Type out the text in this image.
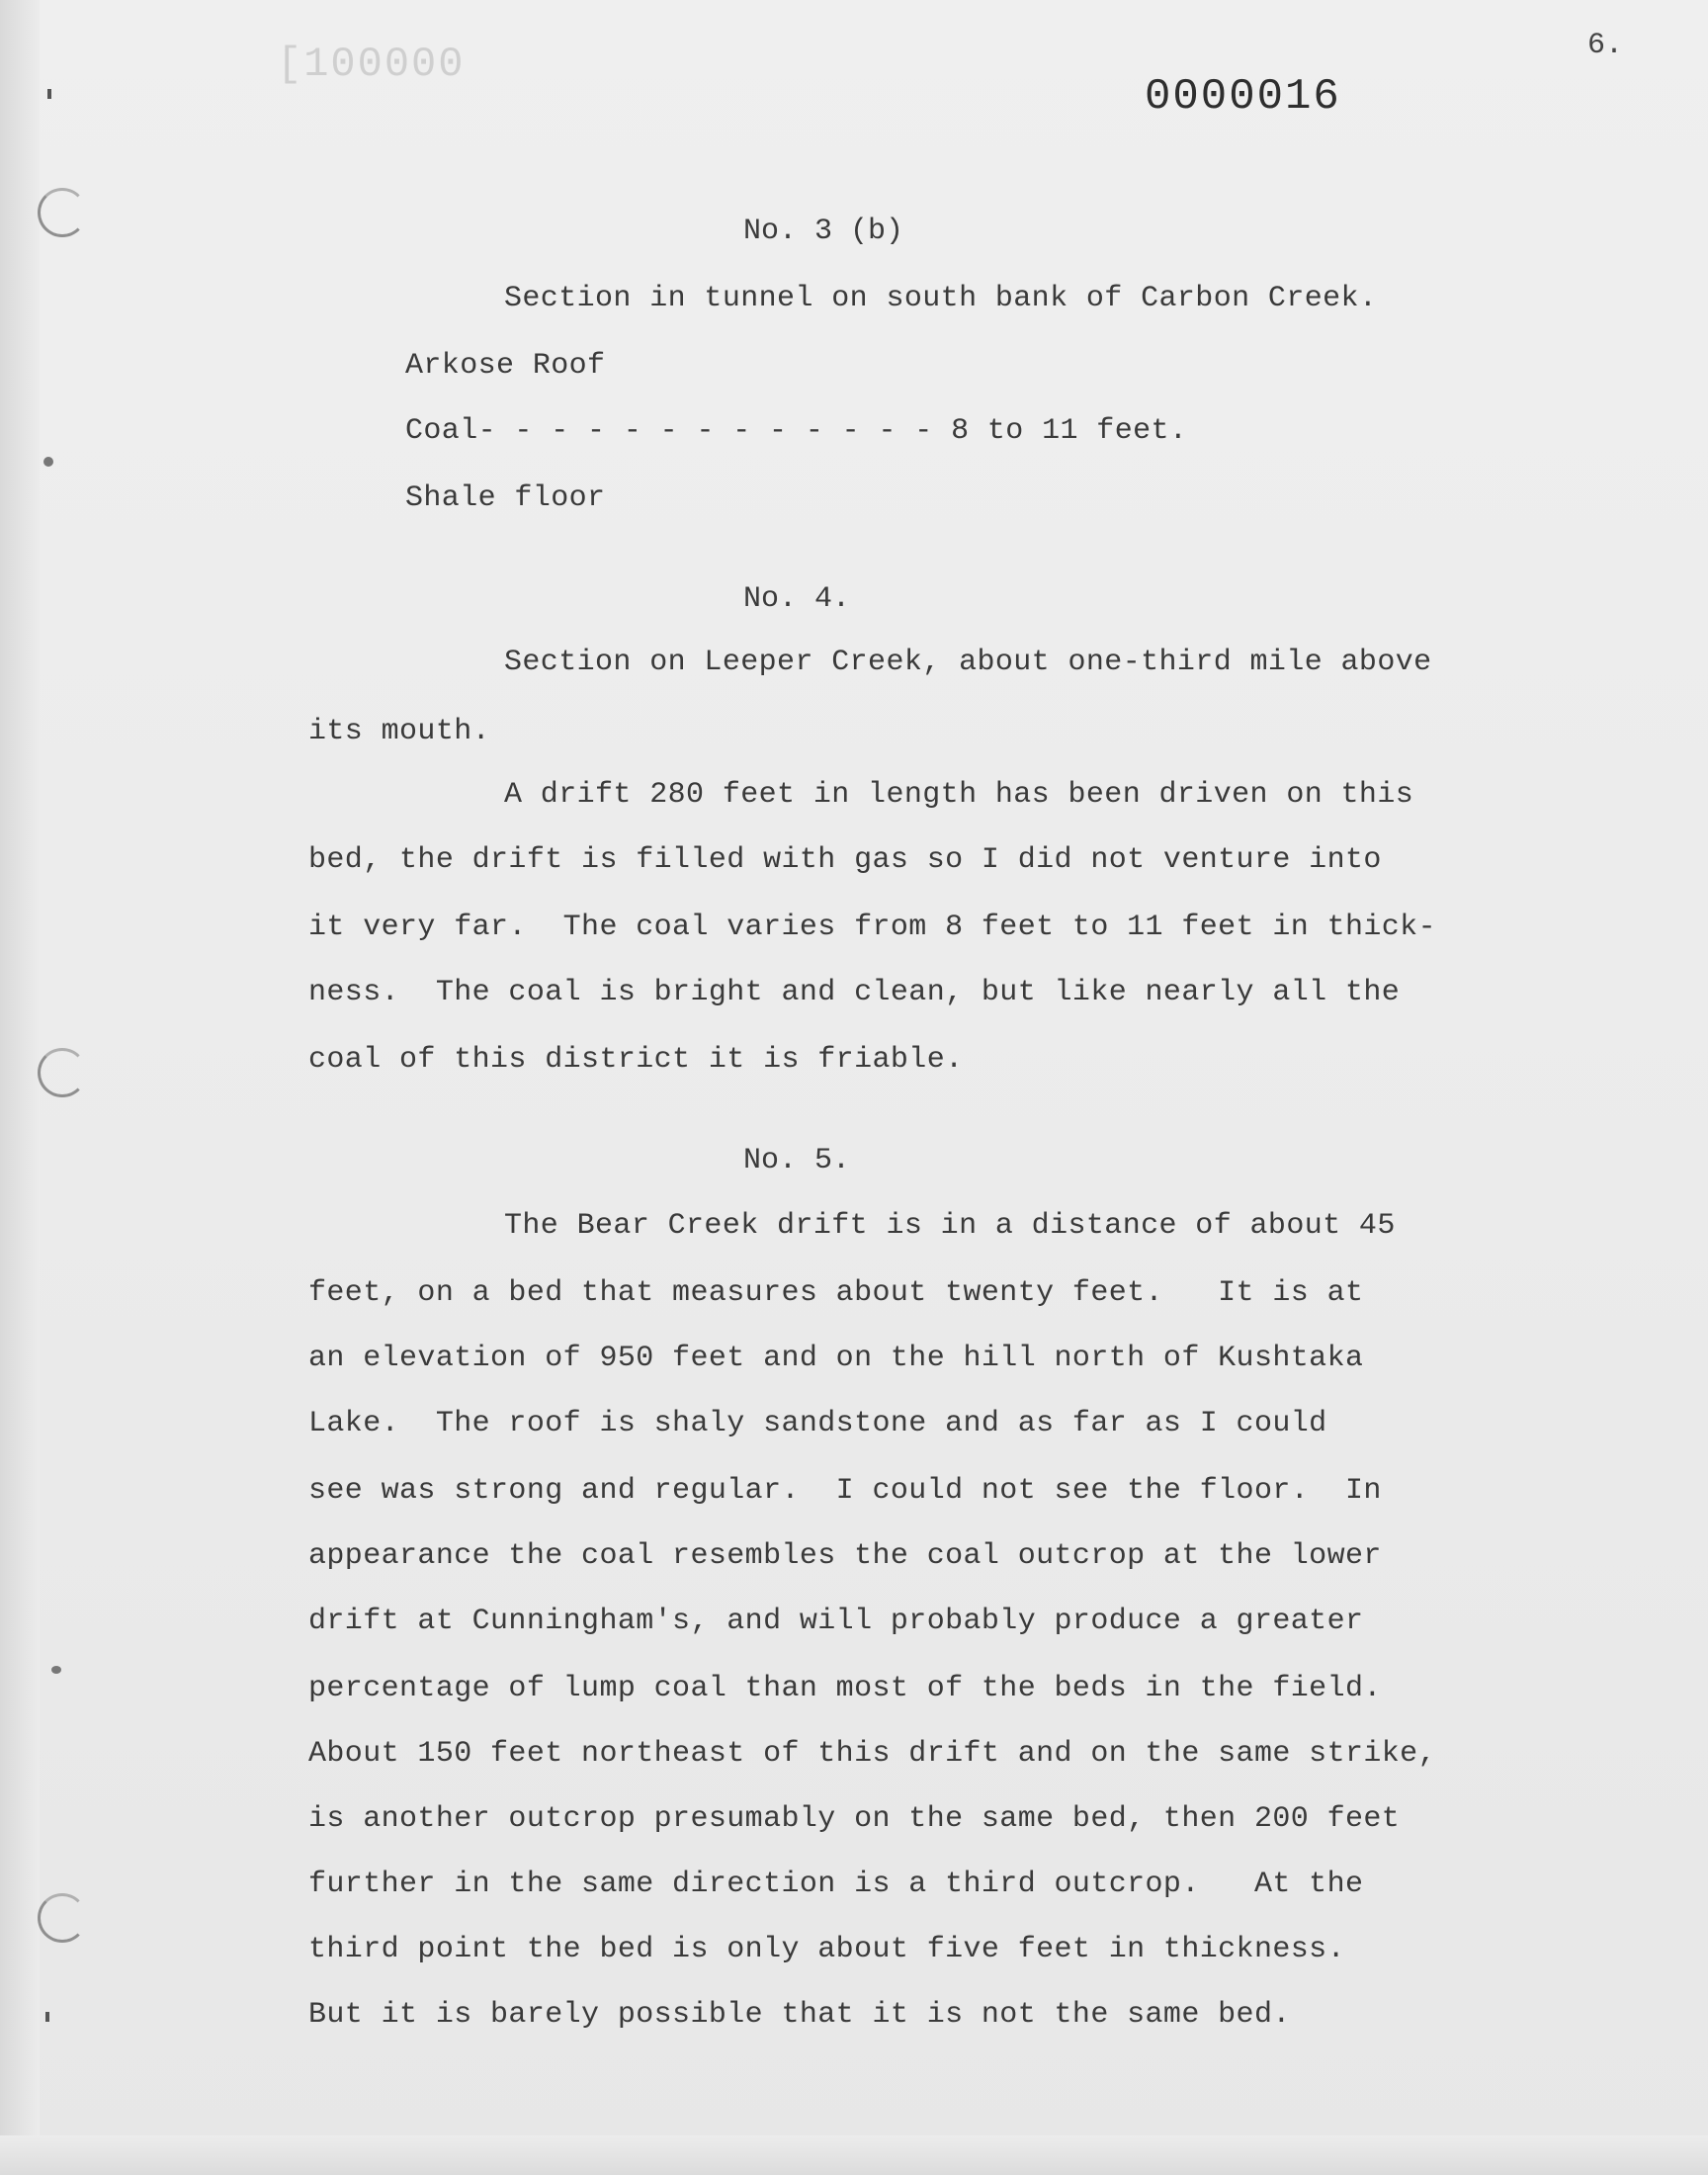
[100000	6.
0000016
No. 3 (b)
Section in tunnel on south bank of Carbon Creek.
Arkose Roof
Coal- - - - - - - - - - - - - 8 to 11 feet.
Shale floor
No. 4.
Section on Leeper Creek, about one-third mile above
its mouth.
A drift 280 feet in length has been driven on this
bed, the drift is filled with gas so I did not venture into
it very far.  The coal varies from 8 feet to 11 feet in thick-
ness.  The coal is bright and clean, but like nearly all the
coal of this district it is friable.
No. 5.
The Bear Creek drift is in a distance of about 45
feet, on a bed that measures about twenty feet.   It is at
an elevation of 950 feet and on the hill north of Kushtaka
Lake.  The roof is shaly sandstone and as far as I could
see was strong and regular.  I could not see the floor.  In
appearance the coal resembles the coal outcrop at the lower
drift at Cunningham's, and will probably produce a greater
percentage of lump coal than most of the beds in the field.
About 150 feet northeast of this drift and on the same strike,
is another outcrop presumably on the same bed, then 200 feet
further in the same direction is a third outcrop.   At the
third point the bed is only about five feet in thickness.
But it is barely possible that it is not the same bed.
